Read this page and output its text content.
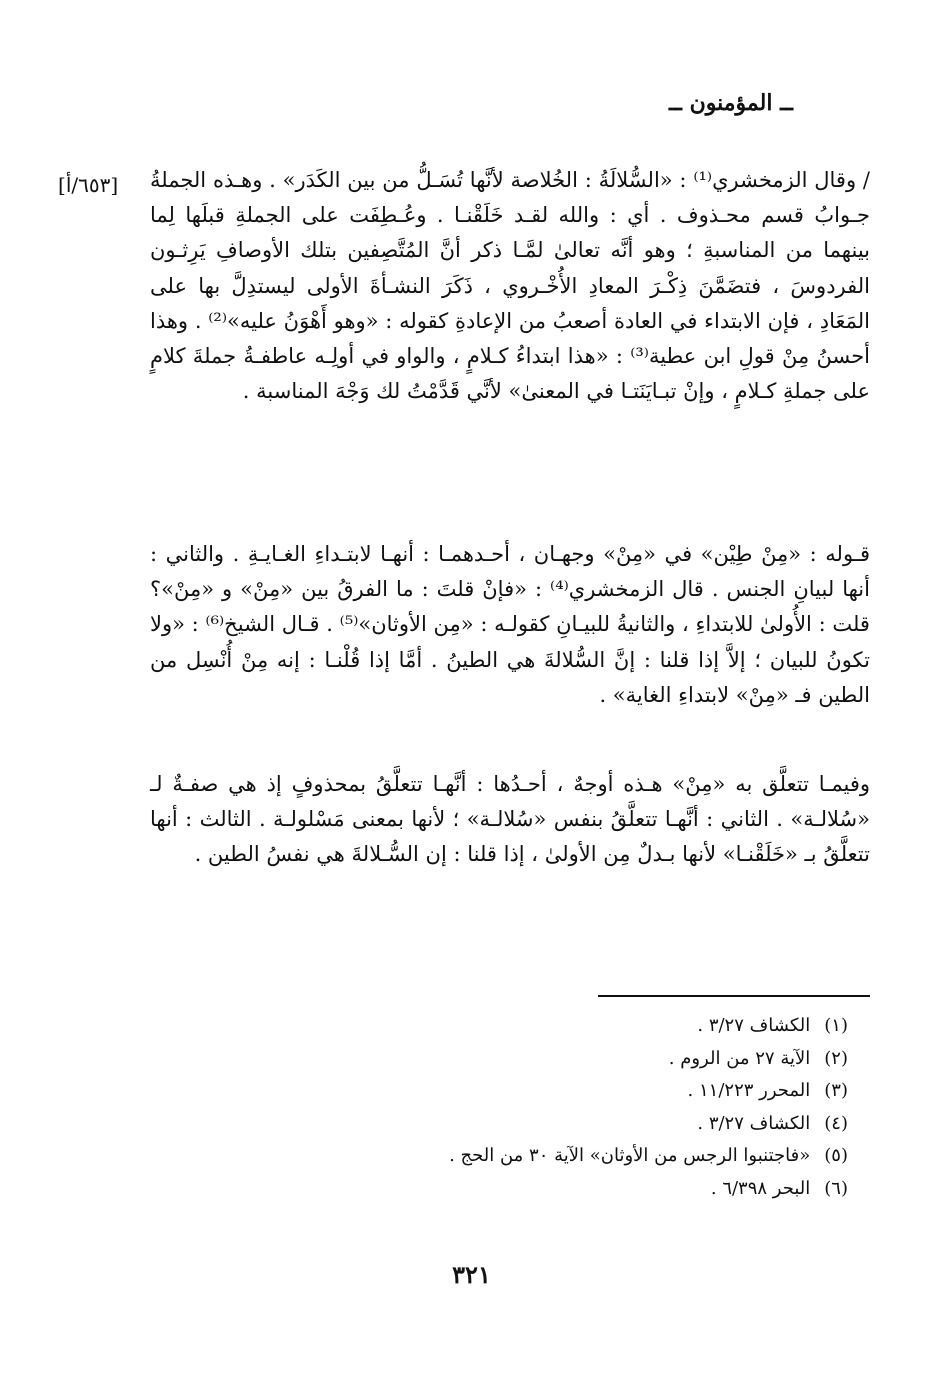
ــ المؤمنون ــ
[٦٥٣/أ]	/ وقال الزمخشري⁽¹⁾ : «السُّلالَةُ : الخُلاصة لأنَّها تُسَـلُّ من بين الكَدَر» . وهـذه الجملةُ جـوابُ قسم محـذوف . أي : والله لقـد خَلَقْنـا . وعُـطِفَت على الجملةِ قبلَها لِما بينهما من المناسبةِ ؛ وهو أنَّه تعالىٰ لمَّـا ذكر أنَّ المُتَّصِفين بتلك الأوصافِ يَرِثـون الفردوسَ ، فتضَمَّنَ ذِكْـرَ المعادِ الأُخْـروي ، ذَكَرَ النشـأةَ الأولى ليستدِلَّ بها على المَعَادِ ، فإن الابتداء في العادة أصعبُ من الإعادةِ كقوله : «وهو أَهْوَنُ عليه»⁽²⁾ . وهذا أحسنُ مِنْ قولِ ابن عطية⁽³⁾ : «هذا ابتداءُ كـلامٍ ، والواو في أولِـه عاطفـةُ جملةَ كلامٍ على جملةِ كـلامٍ ، وإنْ تبـايَنَتـا في المعنىٰ» لأنَّي قَدَّمْتُ لك وَجْهَ المناسبة .

قـوله : «مِنْ طِيْن» في «مِنْ» وجهـان ، أحـدهمـا : أنهـا لابتـداءِ الغـايـةِ . والثاني : أنها لبيانِ الجنس . قال الزمخشري⁽⁴⁾ : «فإنْ قلتَ : ما الفرقُ بين «مِنْ» و «مِنْ»؟ قلت : الأُولىٰ للابتداءِ ، والثانيةُ للبيـانِ كقولـه : «مِن الأوثان»⁽⁵⁾ . قـال الشيخ⁽⁶⁾ : «ولا تكونُ للبيان ؛ إلاَّ إذا قلنا : إنَّ السُّلالةَ هي الطينُ . أمَّا إذا قُلْنـا : إنه مِنْ أُنْسِل من الطين فـ «مِنْ» لابتداءِ الغاية» .

وفيمـا تتعلَّق به «مِنْ» هـذه أوجهٌ ، أحـدُها : أنَّهـا تتعلَّقُ بمحذوفٍ إذ هي صفـةٌ لـ «سُلالـة» . الثاني : أنَّهـا تتعلَّقُ بنفس «سُلالـة» ؛ لأنها بمعنى مَسْلولـة . الثالث : أنها تتعلَّقُ بـ «خَلَقْنـا» لأنها بـدلٌ مِن الأولىٰ ، إذا قلنا : إن السُّـلالةَ هي نفسُ الطين .

(١) الكشاف ٣/٢٧ .
(٢) الآية ٢٧ من الروم .
(٣) المحرر ١١/٢٢٣ .
(٤) الكشاف ٣/٢٧ .
(٥) «فاجتنبوا الرجس من الأوثان» الآية ٣٠ من الحج .
(٦) البحر ٦/٣٩٨ .
٣٢١
